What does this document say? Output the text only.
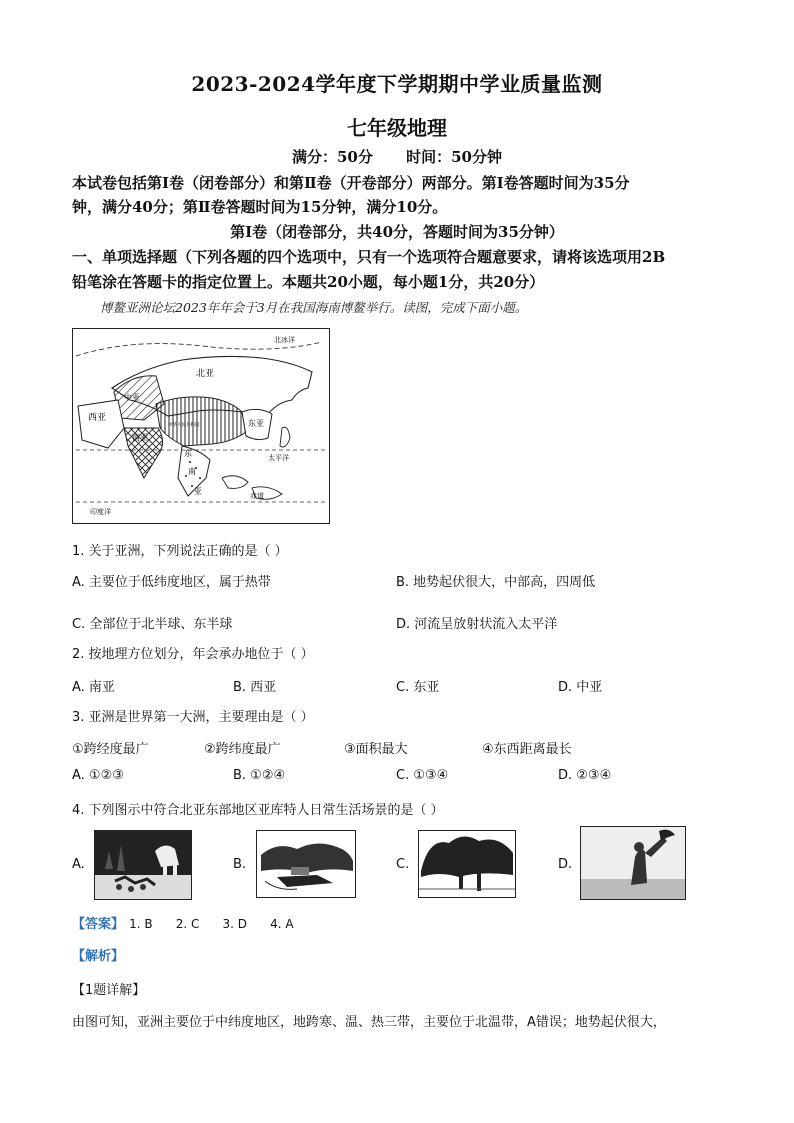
2023-2024学年度下学期期中学业质量监测
七年级地理
满分：50分 时间：50分钟
本试卷包括第Ⅰ卷（闭卷部分）和第Ⅱ卷（开卷部分）两部分。第Ⅰ卷答题时间为35分
钟，满分40分；第Ⅱ卷答题时间为15分钟，满分10分。
第Ⅰ卷（闭卷部分，共40分，答题时间为35分钟）
一、单项选择题（下列各题的四个选项中，只有一个选项符合题意要求，请将该选项用2B
铅笔涂在答题卡的指定位置上。本题共20小题，每小题1分，共20分）
博鳌亚洲论坛2023年年会于3月在我国海南博鳌举行。读图，完成下面小题。
北冰洋
北亚
中亚
西亚
东亚
中华人民共和国
南亚
东
南
亚
太平洋
赤道
印度洋
1. 关于亚洲，下列说法正确的是（ ）
A. 主要位于低纬度地区，属于热带	B. 地势起伏很大，中部高，四周低
C. 全部位于北半球、东半球	D. 河流呈放射状流入太平洋
2. 按地理方位划分，年会承办地位于（ ）
A. 南亚	B. 西亚	C. 东亚	D. 中亚
3. 亚洲是世界第一大洲，主要理由是（ ）
①跨经度最广	②跨纬度最广	③面积最大	④东西距离最长
A. ①②③	B. ①②④	C. ①③④	D. ②③④
4. 下列图示中符合北亚东部地区亚库特人日常生活场景的是（ ）
A.	B.	C.	D.
【答案】 1. B 2. C 3. D 4. A
【解析】
【1题详解】
由图可知，亚洲主要位于中纬度地区，地跨寒、温、热三带，主要位于北温带，A错误；地势起伏很大，
